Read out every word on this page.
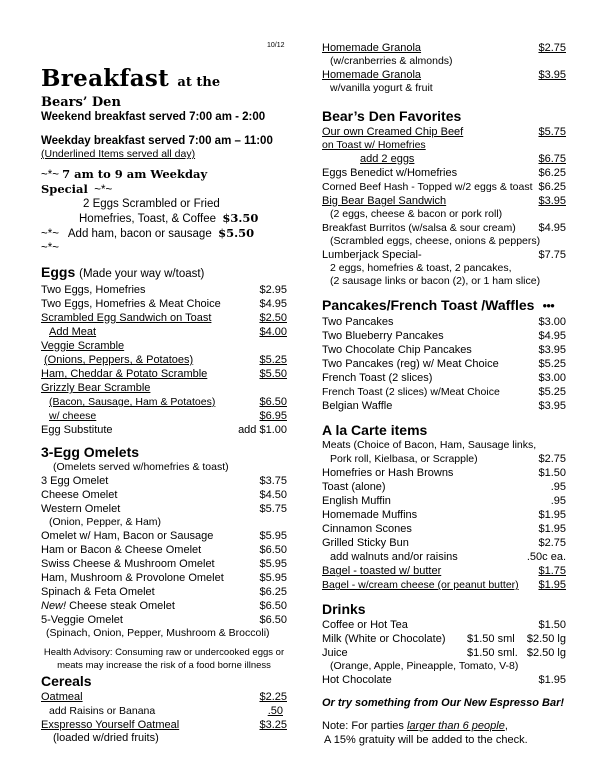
10/12
Breakfast at the
Bears’ Den
Weekend breakfast served 7:00 am - 2:00
Weekday breakfast served 7:00 am – 11:00
(Underlined Items served all day)
~*~ 7 am to 9 am Weekday
Special ~*~
2 Eggs Scrambled or Fried
Homefries, Toast, & Coffee $3.50
~*~ Add ham, bacon or sausage $5.50
~*~
Eggs (Made your way w/toast)
Two Eggs, Homefries	$2.95
Two Eggs, Homefries & Meat Choice	$4.95
Scrambled Egg Sandwich on Toast	$2.50
Add Meat	$4.00
Veggie Scramble
(Onions, Peppers, & Potatoes)	$5.25
Ham, Cheddar & Potato Scramble	$5.50
Grizzly Bear Scramble
(Bacon, Sausage, Ham & Potatoes)	$6.50
w/ cheese	$6.95
Egg Substitute	add $1.00
3-Egg Omelets
(Omelets served w/homefries & toast)
3 Egg Omelet	$3.75
Cheese Omelet	$4.50
Western Omelet	$5.75
(Onion, Pepper, & Ham)
Omelet w/ Ham, Bacon or Sausage	$5.95
Ham or Bacon & Cheese Omelet	$6.50
Swiss Cheese & Mushroom Omelet	$5.95
Ham, Mushroom & Provolone Omelet	$5.95
Spinach & Feta Omelet	$6.25
New! Cheese steak Omelet	$6.50
5-Veggie Omelet	$6.50
(Spinach, Onion, Pepper, Mushroom & Broccoli)
Health Advisory: Consuming raw or undercooked eggs or
meats may increase the risk of a food borne illness
Cereals
Oatmeal	$2.25
add Raisins or Banana	.50
Exspresso Yourself Oatmeal	$3.25
(loaded w/dried fruits)
Homemade Granola	$2.75
(w/cranberries & almonds)
Homemade Granola	$3.95
w/vanilla yogurt & fruit
Bear’s Den Favorites
Our own Creamed Chip Beef	$5.75
on Toast w/ Homefries
add 2 eggs	$6.75
Eggs Benedict w/Homefries	$6.25
Corned Beef Hash - Topped w/2 eggs & toast $6.25
Big Bear Bagel Sandwich	$3.95
(2 eggs, cheese & bacon or pork roll)
Breakfast Burritos (w/salsa & sour cream) $4.95
(Scrambled eggs, cheese, onions & peppers)
Lumberjack Special-	$7.75
2 eggs, homefries & toast, 2 pancakes,
(2 sausage links or bacon (2), or 1 ham slice)
Pancakes/French Toast /Waffles ●●●
Two Pancakes	$3.00
Two Blueberry Pancakes	$4.95
Two Chocolate Chip Pancakes	$3.95
Two Pancakes (reg) w/ Meat Choice	$5.25
French Toast (2 slices)	$3.00
French Toast (2 slices) w/Meat Choice	$5.25
Belgian Waffle	$3.95
A la Carte items
Meats (Choice of Bacon, Ham, Sausage links,
Pork roll, Kielbasa, or Scrapple)	$2.75
Homefries or Hash Browns	$1.50
Toast (alone)	.95
English Muffin	.95
Homemade Muffins	$1.95
Cinnamon Scones	$1.95
Grilled Sticky Bun	$2.75
add walnuts and/or raisins	.50c ea.
Bagel - toasted w/ butter	$1.75
Bagel - w/cream cheese (or peanut butter) $1.95
Drinks
Coffee or Hot Tea	$1.50
Milk (White or Chocolate)	$1.50 sml	$2.50 lg
Juice	$1.50 sml. $2.50 lg
(Orange, Apple, Pineapple, Tomato, V-8)
Hot Chocolate	$1.95
Or try something from Our New Espresso Bar!
Note: For parties larger than 6 people,
A 15% gratuity will be added to the check.
